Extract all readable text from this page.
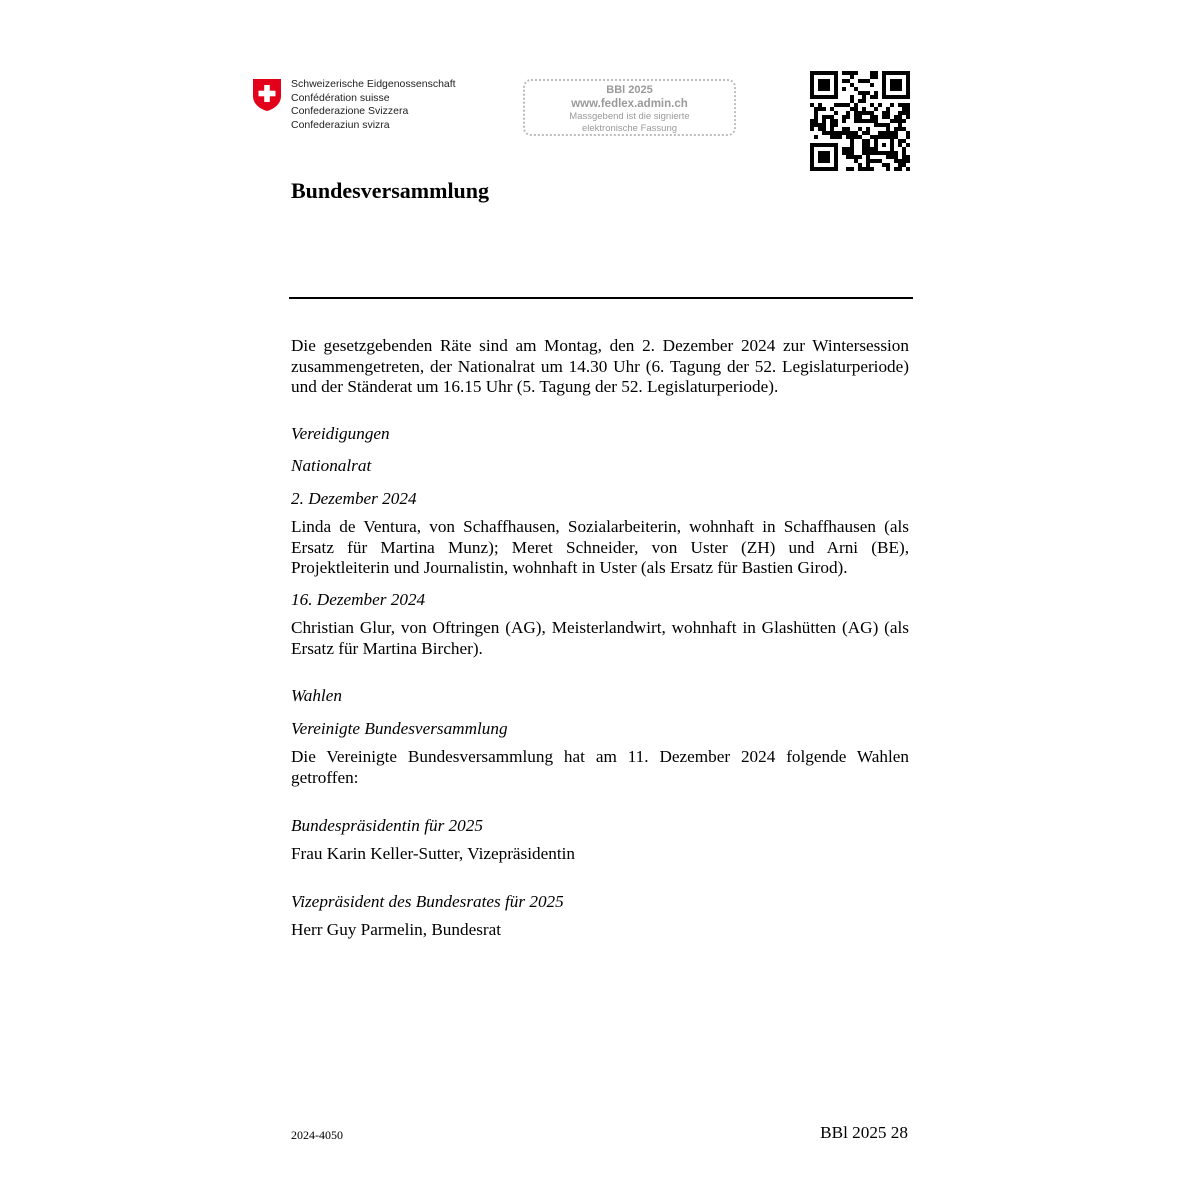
Schweizerische Eidgenossenschaft
Confédération suisse
Confederazione Svizzera
Confederaziun svizra
BBl 2025
www.fedlex.admin.ch
Massgebend ist die signierte
elektronische Fassung
Bundesversammlung
Die gesetzgebenden Räte sind am Montag, den 2. Dezember 2024 zur Wintersession zusammengetreten, der Nationalrat um 14.30 Uhr (6. Tagung der 52. Legislaturperiode) und der Ständerat um 16.15 Uhr (5. Tagung der 52. Legislaturperiode).
Vereidigungen
Nationalrat
2. Dezember 2024
Linda de Ventura, von Schaffhausen, Sozialarbeiterin, wohnhaft in Schaffhausen (als Ersatz für Martina Munz); Meret Schneider, von Uster (ZH) und Arni (BE), Projektleiterin und Journalistin, wohnhaft in Uster (als Ersatz für Bastien Girod).
16. Dezember 2024
Christian Glur, von Oftringen (AG), Meisterlandwirt, wohnhaft in Glashütten (AG) (als Ersatz für Martina Bircher).
Wahlen
Vereinigte Bundesversammlung
Die Vereinigte Bundesversammlung hat am 11. Dezember 2024 folgende Wahlen getroffen:
Bundespräsidentin für 2025
Frau Karin Keller-Sutter, Vizepräsidentin
Vizepräsident des Bundesrates für 2025
Herr Guy Parmelin, Bundesrat
2024-4050	BBl 2025 28
